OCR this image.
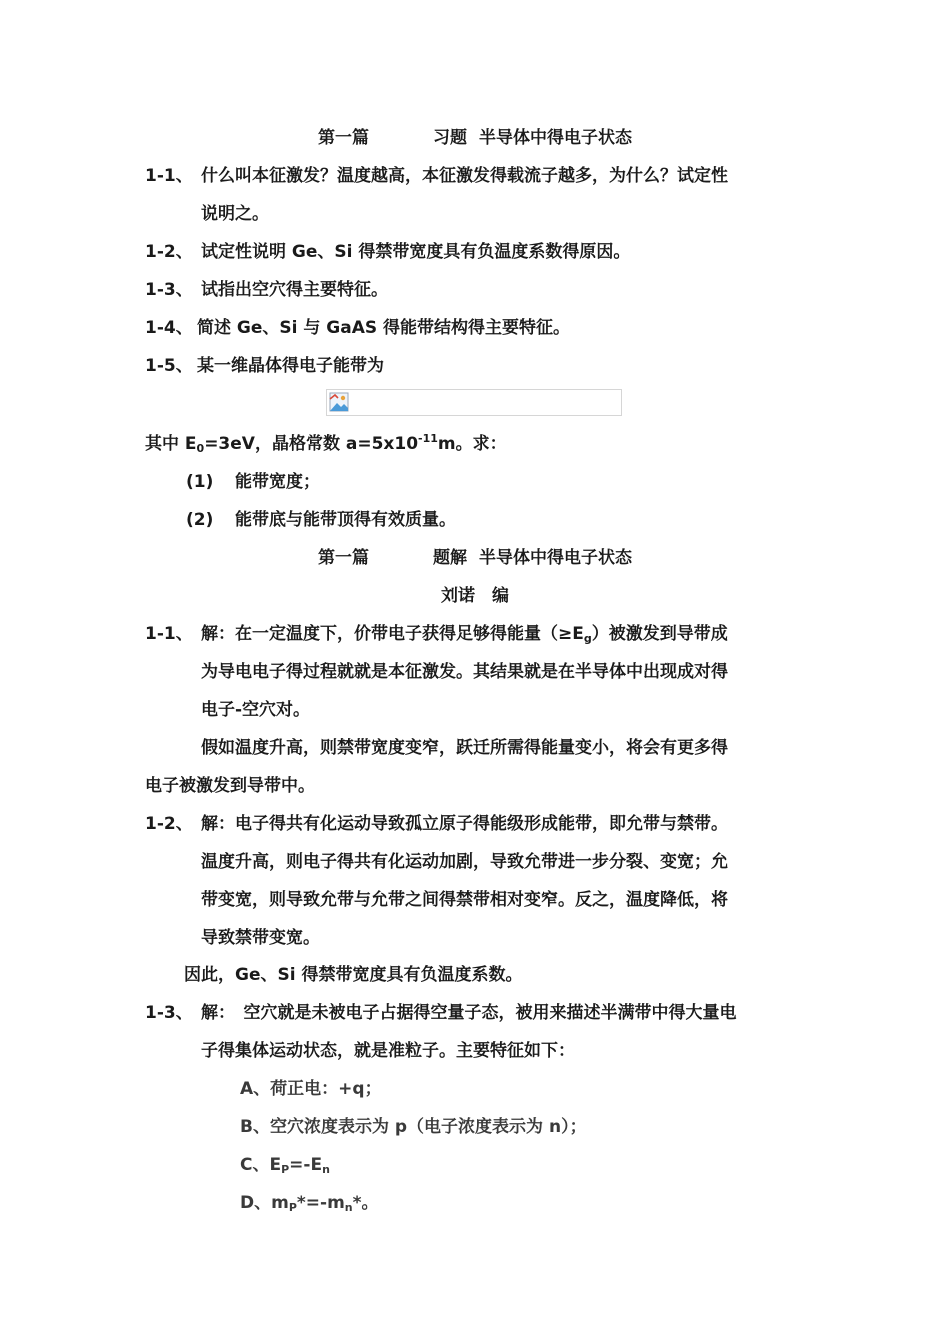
第一篇	习题 半导体中得电子状态
1-1、 什么叫本征激发？温度越高，本征激发得载流子越多，为什么？试定性
说明之。
1-2、 试定性说明 Ge、Si 得禁带宽度具有负温度系数得原因。
1-3、 试指出空穴得主要特征。
1-4、 简述 Ge、Si 与 GaAS 得能带结构得主要特征。
1-5、 某一维晶体得电子能带为
其中 $E_0=3eV$，晶格常数 $a=5x10^{-11}m$。求：
(1) 能带宽度；
(2) 能带底与能带顶得有效质量。
第一篇	题解 半导体中得电子状态
刘诺　编
1-1、 解：在一定温度下，价带电子获得足够得能量$(\ge E_g)$被激发到导带成
为导电电子得过程就就是本征激发。其结果就是在半导体中出现成对得
电子-空穴对。
假如温度升高，则禁带宽度变窄，跃迁所需得能量变小，将会有更多得
电子被激发到导带中。
1-2、 解：电子得共有化运动导致孤立原子得能级形成能带，即允带与禁带。
温度升高，则电子得共有化运动加剧，导致允带进一步分裂、变宽；允
带变宽，则导致允带与允带之间得禁带相对变窄。反之，温度降低，将
导致禁带变宽。
因此，Ge、Si 得禁带宽度具有负温度系数。
1-3、 解：　空穴就是未被电子占据得空量子态，被用来描述半满带中得大量电
子得集体运动状态，就是准粒子。主要特征如下：
A、荷正电：+q；
B、空穴浓度表示为 p（电子浓度表示为 n）；
C、$E_P=-E_n$
D、$m_P*=-m_n*$。
